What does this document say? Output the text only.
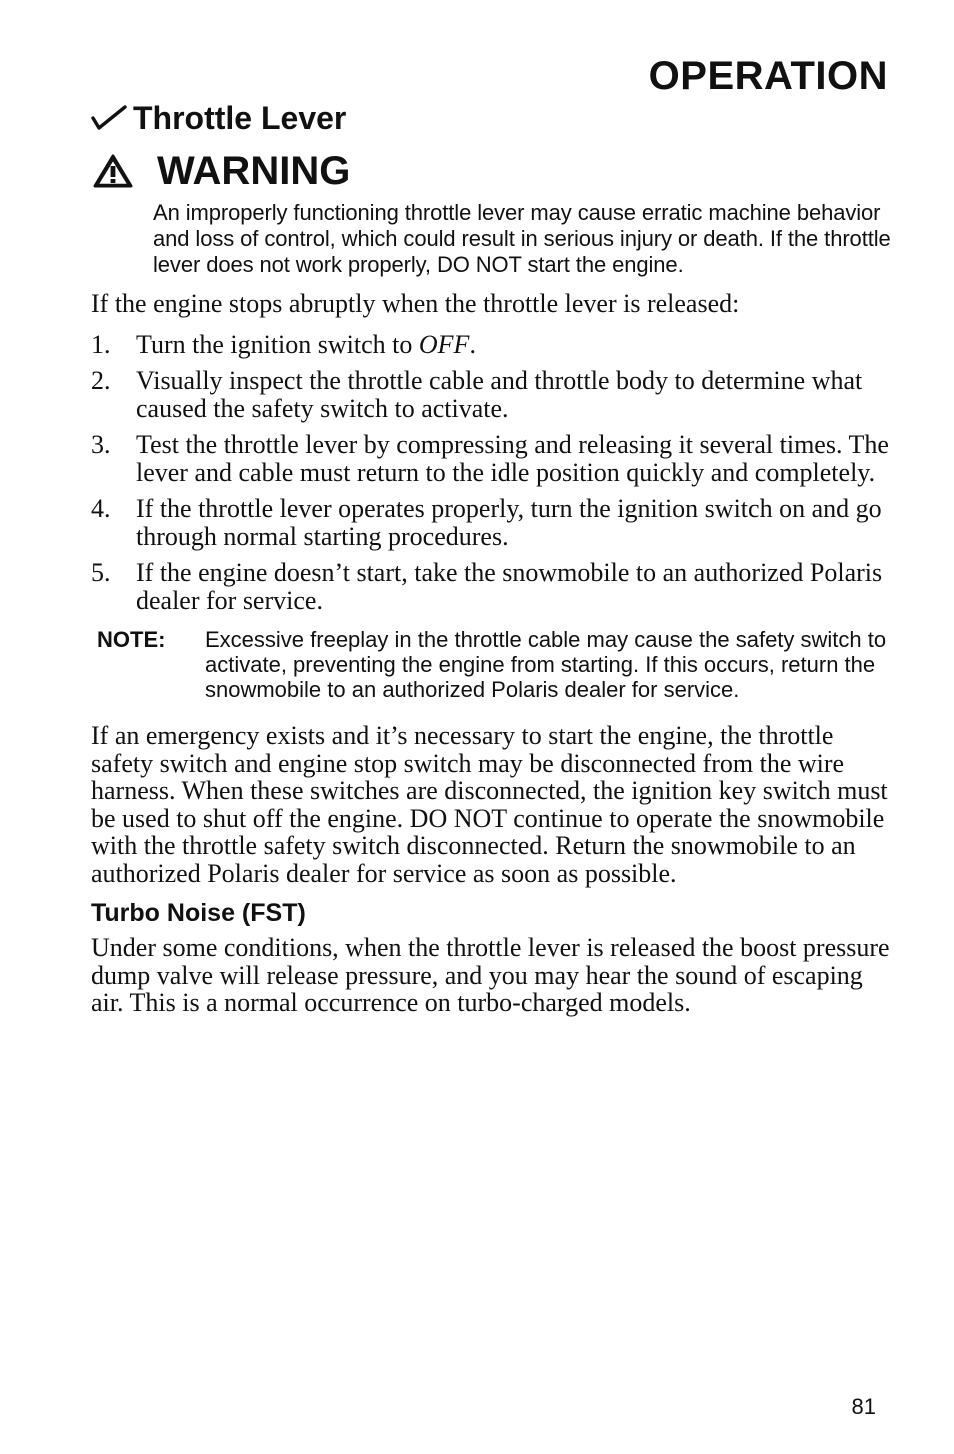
OPERATION
Throttle Lever
WARNING

An improperly functioning throttle lever may cause erratic machine behavior and loss of control, which could result in serious injury or death. If the throttle lever does not work properly, DO NOT start the engine.

If the engine stops abruptly when the throttle lever is released:

1. Turn the ignition switch to OFF.
2. Visually inspect the throttle cable and throttle body to determine what caused the safety switch to activate.
3. Test the throttle lever by compressing and releasing it several times. The lever and cable must return to the idle position quickly and completely.
4. If the throttle lever operates properly, turn the ignition switch on and go through normal starting procedures.
5. If the engine doesn’t start, take the snowmobile to an authorized Polaris dealer for service.
NOTE:	Excessive freeplay in the throttle cable may cause the safety switch to activate, preventing the engine from starting. If this occurs, return the snowmobile to an authorized Polaris dealer for service.

If an emergency exists and it’s necessary to start the engine, the throttle safety switch and engine stop switch may be disconnected from the wire harness. When these switches are disconnected, the ignition key switch must be used to shut off the engine. DO NOT continue to operate the snowmobile with the throttle safety switch disconnected. Return the snowmobile to an authorized Polaris dealer for service as soon as possible.

Turbo Noise (FST)

Under some conditions, when the throttle lever is released the boost pressure dump valve will release pressure, and you may hear the sound of escaping air. This is a normal occurrence on turbo-charged models.

81
